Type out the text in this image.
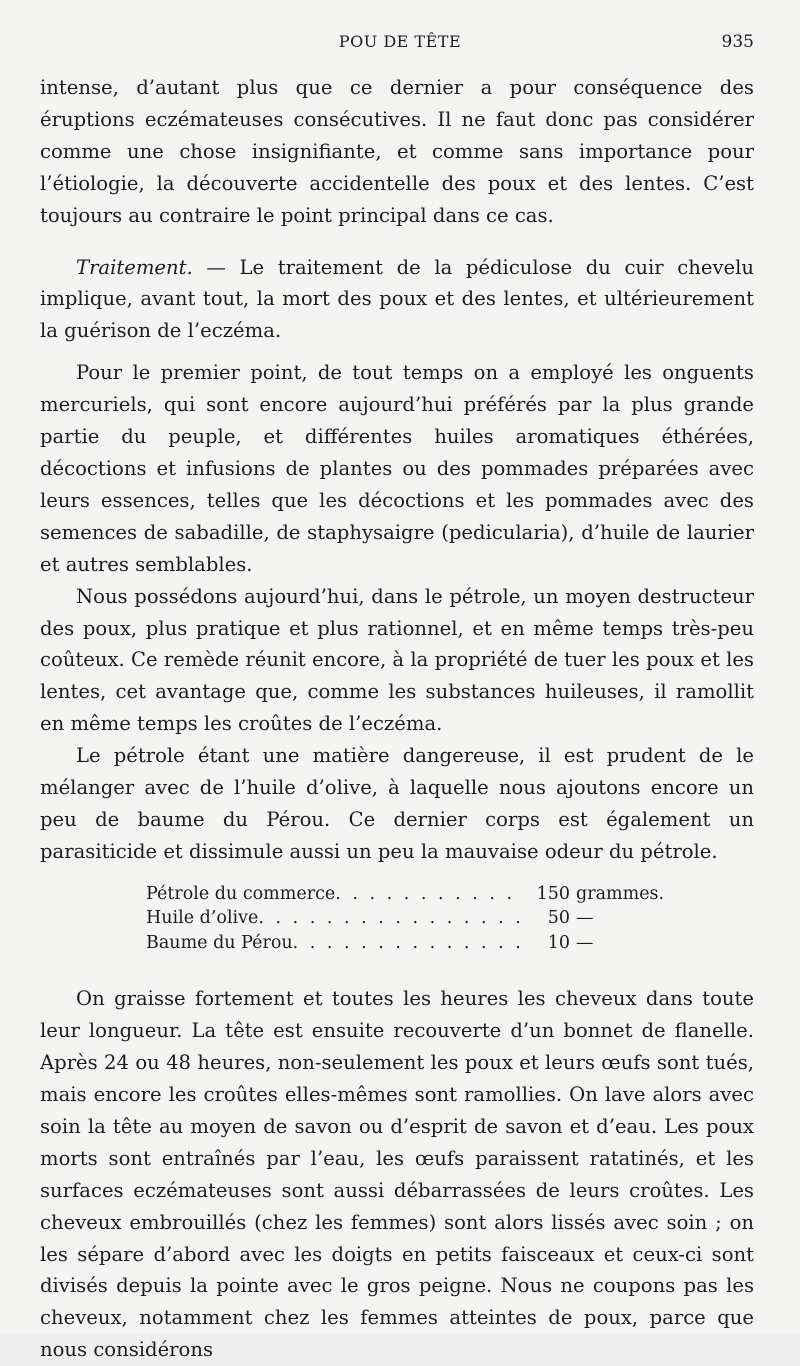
POU DE TÊTE	935

intense, d’autant plus que ce dernier a pour conséquence des éruptions eczémateuses consécutives. Il ne faut donc pas considérer comme une chose insignifiante, et comme sans importance pour l’étiologie, la découverte accidentelle des poux et des lentes. C’est toujours au contraire le point principal dans ce cas.

Traitement. — Le traitement de la pédiculose du cuir chevelu implique, avant tout, la mort des poux et des lentes, et ultérieurement la guérison de l’eczéma.

Pour le premier point, de tout temps on a employé les onguents mercuriels, qui sont encore aujourd’hui préférés par la plus grande partie du peuple, et différentes huiles aromatiques éthérées, décoctions et infusions de plantes ou des pommades préparées avec leurs essences, telles que les décoctions et les pommades avec des semences de sabadille, de staphysaigre (pedicularia), d’huile de laurier et autres semblables.

Nous possédons aujourd’hui, dans le pétrole, un moyen destructeur des poux, plus pratique et plus rationnel, et en même temps très-peu coûteux. Ce remède réunit encore, à la propriété de tuer les poux et les lentes, cet avantage que, comme les substances huileuses, il ramollit en même temps les croûtes de l’eczéma.

Le pétrole étant une matière dangereuse, il est prudent de le mélanger avec de l’huile d’olive, à laquelle nous ajoutons encore un peu de baume du Pérou. Ce dernier corps est également un parasiticide et dissimule aussi un peu la mauvaise odeur du pétrole.

Pétrole du commerce . . .	150 grammes.
Huile d’olive . . .	50 —
Baume du Pérou . . .	10 —

On graisse fortement et toutes les heures les cheveux dans toute leur longueur. La tête est ensuite recouverte d’un bonnet de flanelle. Après 24 ou 48 heures, non-seulement les poux et leurs œufs sont tués, mais encore les croûtes elles-mêmes sont ramollies. On lave alors avec soin la tête au moyen de savon ou d’esprit de savon et d’eau. Les poux morts sont entraînés par l’eau, les œufs paraissent ratatinés, et les surfaces eczémateuses sont aussi débarrassées de leurs croûtes. Les cheveux embrouillés (chez les femmes) sont alors lissés avec soin ; on les sépare d’abord avec les doigts en petits faisceaux et ceux-ci sont divisés depuis la pointe avec le gros peigne. Nous ne coupons pas les cheveux, notamment chez les femmes atteintes de poux, parce que nous considérons
